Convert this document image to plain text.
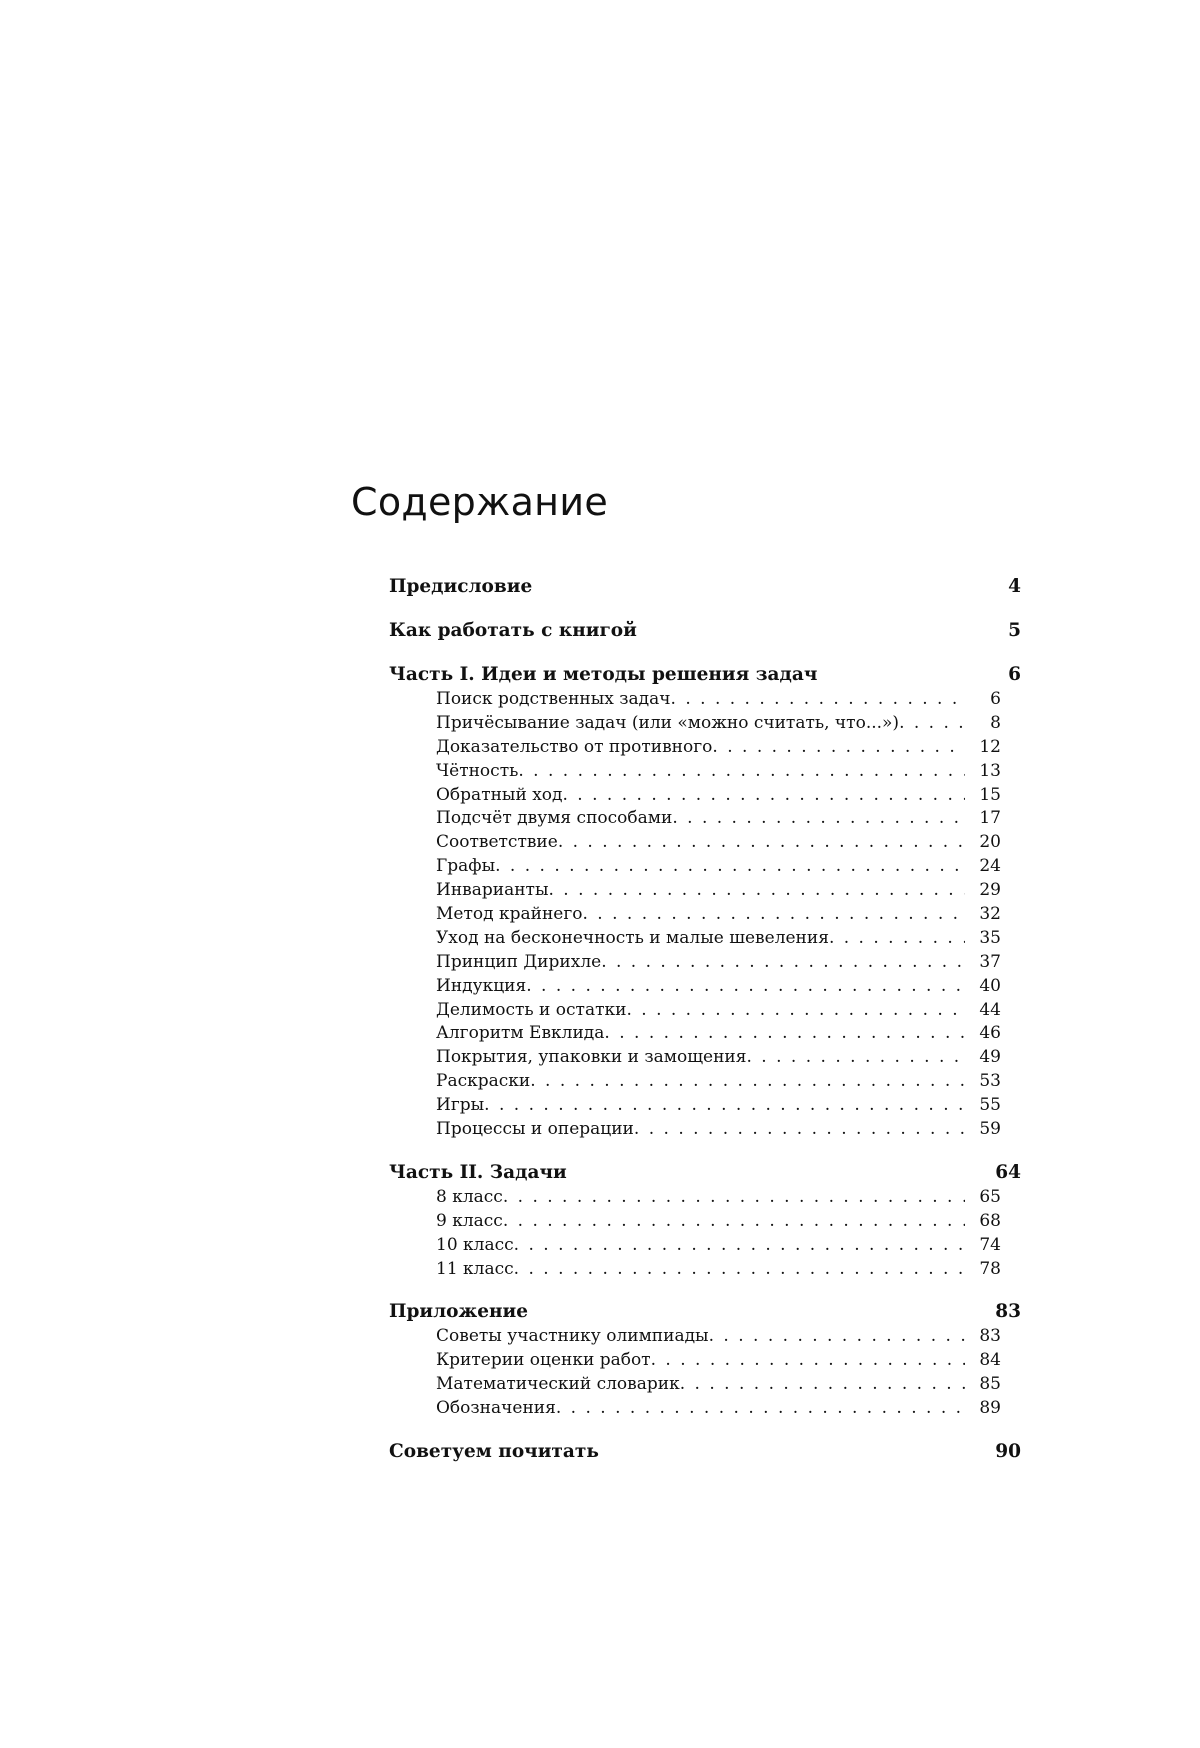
Содержание
Предисловие	4
Как работать с книгой	5
Часть I. Идеи и методы решения задач	6
Поиск родственных задач
. . .	6
Причёсывание задач (или «можно считать, что...»)
. . .	8
Доказательство от противного
. . .	12
Чётность
. . .	13
Обратный ход
. . .	15
Подсчёт двумя способами
. . .	17
Соответствие
. . .	20
Графы
. . .	24
Инварианты
. . .	29
Метод крайнего
. . .	32
Уход на бесконечность и малые шевеления
. . .	35
Принцип Дирихле
. . .	37
Индукция
. . .	40
Делимость и остатки
. . .	44
Алгоритм Евклида
. . .	46
Покрытия, упаковки и замощения
. . .	49
Раскраски
. . .	53
Игры
. . .	55
Процессы и операции
. . .	59
Часть II. Задачи	64
8 класс
. . .	65
9 класс
. . .	68
10 класс
. . .	74
11 класс
. . .	78
Приложение	83
Советы участнику олимпиады
. . .	83
Критерии оценки работ
. . .	84
Математический словарик
. . .	85
Обозначения
. . .	89
Советуем почитать	90
